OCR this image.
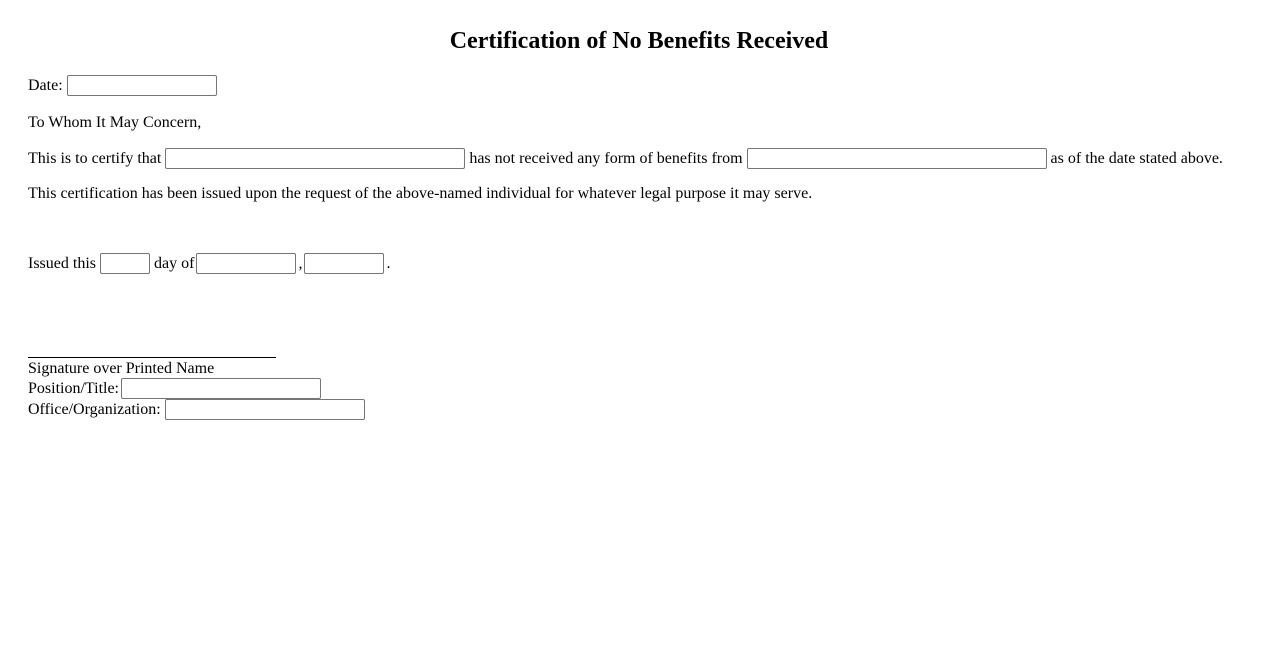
Certification of No Benefits Received
Date:
To Whom It May Concern,
This is to certify that	has not received any form of benefits from	as of the date stated above.
This certification has been issued upon the request of the above-named individual for whatever legal purpose it may serve.
Issued this	day of	,	.
Signature over Printed Name
Position/Title:
Office/Organization:
